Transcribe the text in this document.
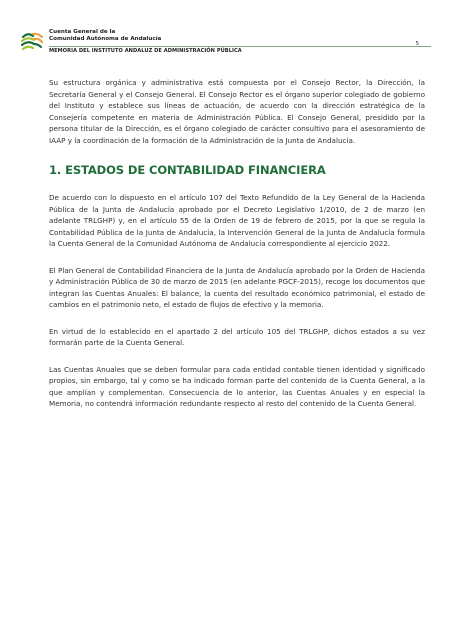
Cuenta General de la
Comunidad Autónoma de Andalucía
MEMORIA DEL INSTITUTO ANDALUZ DE ADMINISTRACIÓN PÚBLICA
5

Su estructura orgánica y administrativa está compuesta por el Consejo Rector, la Dirección, la Secretaría General y el Consejo General. El Consejo Rector es el órgano superior colegiado de gobierno del Instituto y establece sus líneas de actuación, de acuerdo con la dirección estratégica de la Consejería competente en materia de Administración Pública. El Consejo General, presidido por la persona titular de la Dirección, es el órgano colegiado de carácter consultivo para el asesoramiento de IAAP y la coordinación de la formación de la Administración de la Junta de Andalucía.

1. ESTADOS DE CONTABILIDAD FINANCIERA

De acuerdo con lo dispuesto en el artículo 107 del Texto Refundido de la Ley General de la Hacienda Pública de la Junta de Andalucía aprobado por el Decreto Legislativo 1/2010, de 2 de marzo (en adelante TRLGHP) y, en el artículo 55 de la Orden de 19 de febrero de 2015, por la que se regula la Contabilidad Pública de la Junta de Andalucía, la Intervención General de la Junta de Andalucía formula la Cuenta General de la Comunidad Autónoma de Andalucía correspondiente al ejercicio 2022.

El Plan General de Contabilidad Financiera de la Junta de Andalucía aprobado por la Orden de Hacienda y Administración Pública de 30 de marzo de 2015 (en adelante PGCF-2015), recoge los documentos que integran las Cuentas Anuales: El balance, la cuenta del resultado económico patrimonial, el estado de cambios en el patrimonio neto, el estado de flujos de efectivo y la memoria.

En virtud de lo establecido en el apartado 2 del artículo 105 del TRLGHP, dichos estados a su vez formarán parte de la Cuenta General.

Las Cuentas Anuales que se deben formular para cada entidad contable tienen identidad y significado propios, sin embargo, tal y como se ha indicado forman parte del contenido de la Cuenta General, a la que amplían y complementan. Consecuencia de lo anterior, las Cuentas Anuales y en especial la Memoria, no contendrá información redundante respecto al resto del contenido de la Cuenta General.
